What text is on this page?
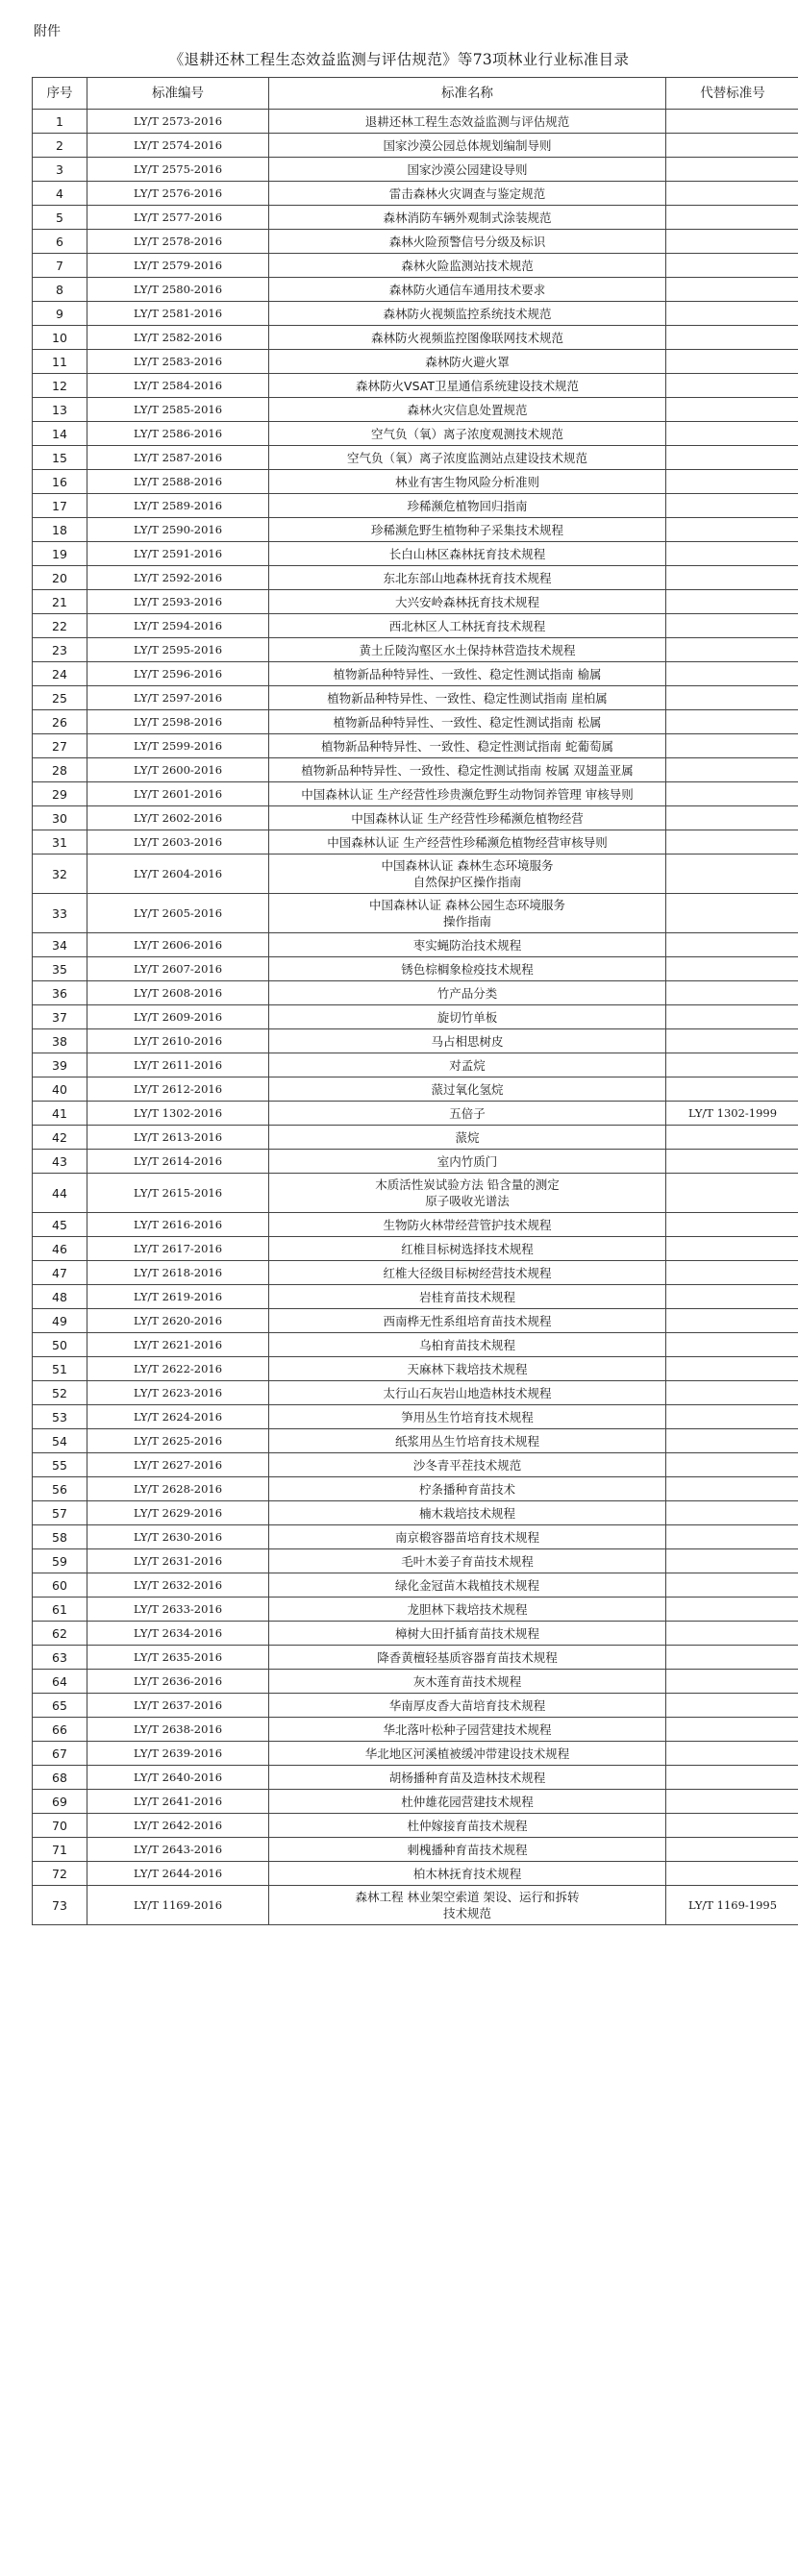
附件
《退耕还林工程生态效益监测与评估规范》等73项林业行业标准目录
序号	标准编号	标准名称	代替标准号
1	LY/T 2573-2016	退耕还林工程生态效益监测与评估规范	
2	LY/T 2574-2016	国家沙漠公园总体规划编制导则	
3	LY/T 2575-2016	国家沙漠公园建设导则	
4	LY/T 2576-2016	雷击森林火灾调查与鉴定规范	
5	LY/T 2577-2016	森林消防车辆外观制式涂装规范	
6	LY/T 2578-2016	森林火险预警信号分级及标识	
7	LY/T 2579-2016	森林火险监测站技术规范	
8	LY/T 2580-2016	森林防火通信车通用技术要求	
9	LY/T 2581-2016	森林防火视频监控系统技术规范	
10	LY/T 2582-2016	森林防火视频监控图像联网技术规范	
11	LY/T 2583-2016	森林防火避火罩	
12	LY/T 2584-2016	森林防火VSAT卫星通信系统建设技术规范	
13	LY/T 2585-2016	森林火灾信息处置规范	
14	LY/T 2586-2016	空气负（氧）离子浓度观测技术规范	
15	LY/T 2587-2016	空气负（氧）离子浓度监测站点建设技术规范	
16	LY/T 2588-2016	林业有害生物风险分析准则	
17	LY/T 2589-2016	珍稀濒危植物回归指南	
18	LY/T 2590-2016	珍稀濒危野生植物种子采集技术规程	
19	LY/T 2591-2016	长白山林区森林抚育技术规程	
20	LY/T 2592-2016	东北东部山地森林抚育技术规程	
21	LY/T 2593-2016	大兴安岭森林抚育技术规程	
22	LY/T 2594-2016	西北林区人工林抚育技术规程	
23	LY/T 2595-2016	黄土丘陵沟壑区水土保持林营造技术规程	
24	LY/T 2596-2016	植物新品种特异性、一致性、稳定性测试指南 榆属	
25	LY/T 2597-2016	植物新品种特异性、一致性、稳定性测试指南 崖柏属	
26	LY/T 2598-2016	植物新品种特异性、一致性、稳定性测试指南 松属	
27	LY/T 2599-2016	植物新品种特异性、一致性、稳定性测试指南 蛇葡萄属	
28	LY/T 2600-2016	植物新品种特异性、一致性、稳定性测试指南 桉属 双翅盖亚属	
29	LY/T 2601-2016	中国森林认证 生产经营性珍贵濒危野生动物饲养管理 审核导则	
30	LY/T 2602-2016	中国森林认证 生产经营性珍稀濒危植物经营	
31	LY/T 2603-2016	中国森林认证 生产经营性珍稀濒危植物经营审核导则	
32	LY/T 2604-2016	中国森林认证 森林生态环境服务
自然保护区操作指南	

33	LY/T 2605-2016	中国森林认证 森林公园生态环境服务
操作指南	

34	LY/T 2606-2016	枣实蝇防治技术规程	
35	LY/T 2607-2016	锈色棕榈象检疫技术规程	
36	LY/T 2608-2016	竹产品分类	
37	LY/T 2609-2016	旋切竹单板	
38	LY/T 2610-2016	马占相思树皮	
39	LY/T 2611-2016	对孟烷	
40	LY/T 2612-2016	蒎过氧化氢烷	
41	LY/T 1302-2016	五倍子	LY/T 1302-1999
42	LY/T 2613-2016	蒎烷	
43	LY/T 2614-2016	室内竹质门	
44	LY/T 2615-2016	木质活性炭试验方法 铅含量的测定
原子吸收光谱法	

45	LY/T 2616-2016	生物防火林带经营管护技术规程	
46	LY/T 2617-2016	红椎目标树选择技术规程	
47	LY/T 2618-2016	红椎大径级目标树经营技术规程	
48	LY/T 2619-2016	岩桂育苗技术规程	
49	LY/T 2620-2016	西南桦无性系组培育苗技术规程	
50	LY/T 2621-2016	乌桕育苗技术规程	
51	LY/T 2622-2016	天麻林下栽培技术规程	
52	LY/T 2623-2016	太行山石灰岩山地造林技术规程	
53	LY/T 2624-2016	笋用丛生竹培育技术规程	
54	LY/T 2625-2016	纸浆用丛生竹培育技术规程	
55	LY/T 2627-2016	沙冬青平茬技术规范	
56	LY/T 2628-2016	柠条播种育苗技术	
57	LY/T 2629-2016	楠木栽培技术规程	
58	LY/T 2630-2016	南京椴容器苗培育技术规程	
59	LY/T 2631-2016	毛叶木姜子育苗技术规程	
60	LY/T 2632-2016	绿化金冠苗木栽植技术规程	
61	LY/T 2633-2016	龙胆林下栽培技术规程	
62	LY/T 2634-2016	樟树大田扦插育苗技术规程	
63	LY/T 2635-2016	降香黄檀轻基质容器育苗技术规程	
64	LY/T 2636-2016	灰木莲育苗技术规程	
65	LY/T 2637-2016	华南厚皮香大苗培育技术规程	
66	LY/T 2638-2016	华北落叶松种子园营建技术规程	
67	LY/T 2639-2016	华北地区河溪植被缓冲带建设技术规程	
68	LY/T 2640-2016	胡杨播种育苗及造林技术规程	
69	LY/T 2641-2016	杜仲雄花园营建技术规程	
70	LY/T 2642-2016	杜仲嫁接育苗技术规程	
71	LY/T 2643-2016	刺槐播种育苗技术规程	
72	LY/T 2644-2016	柏木林抚育技术规程	
73	LY/T 1169-2016	森林工程 林业架空索道 架设、运行和拆转
技术规范	LY/T 1169-1995
